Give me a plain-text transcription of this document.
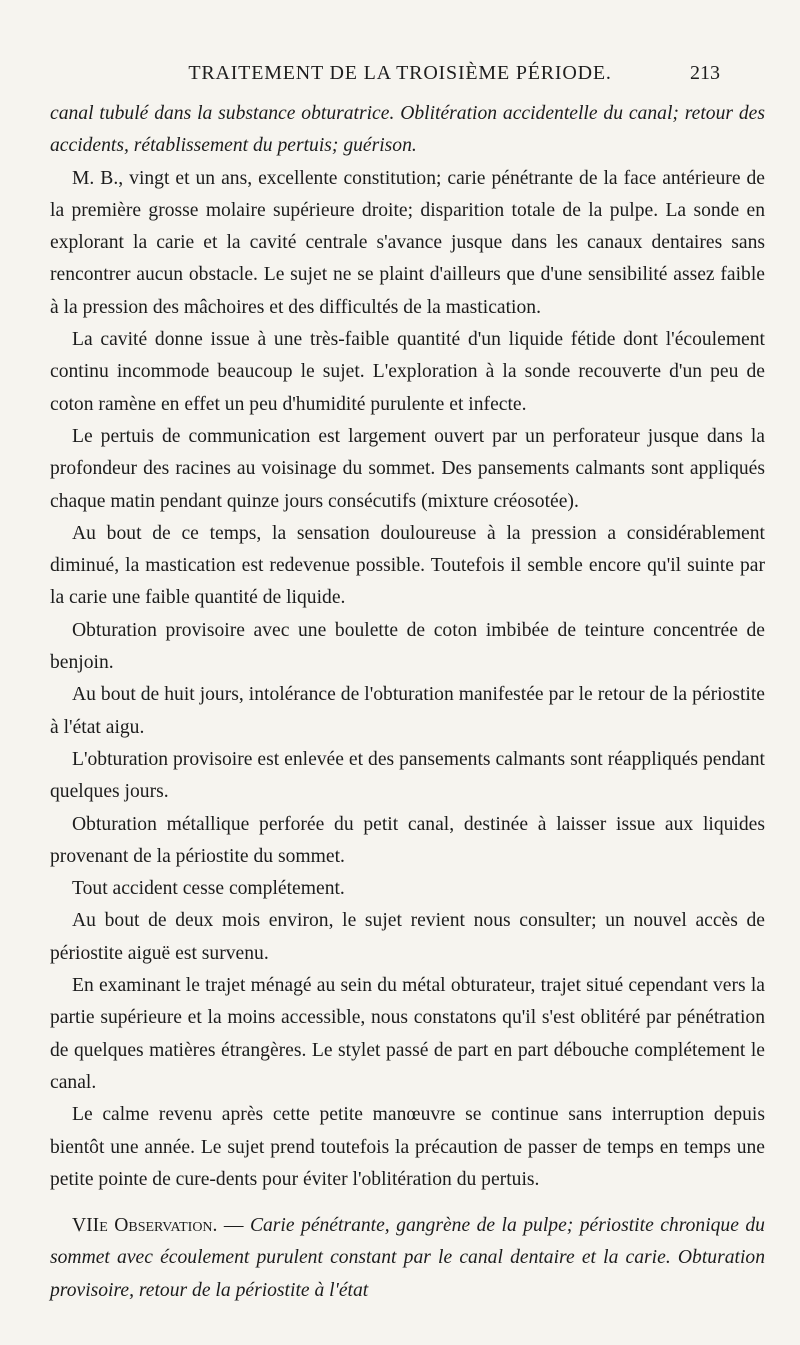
TRAITEMENT DE LA TROISIÈME PÉRIODE.	213

canal tubulé dans la substance obturatrice. Oblitération accidentelle du canal; retour des accidents, rétablissement du pertuis; guérison.

M. B., vingt et un ans, excellente constitution; carie pénétrante de la face antérieure de la première grosse molaire supérieure droite; disparition totale de la pulpe. La sonde en explorant la carie et la cavité centrale s'avance jusque dans les canaux dentaires sans rencontrer aucun obstacle. Le sujet ne se plaint d'ailleurs que d'une sensibilité assez faible à la pression des mâchoires et des difficultés de la mastication.

La cavité donne issue à une très-faible quantité d'un liquide fétide dont l'écoulement continu incommode beaucoup le sujet. L'exploration à la sonde recouverte d'un peu de coton ramène en effet un peu d'humidité purulente et infecte.

Le pertuis de communication est largement ouvert par un perforateur jusque dans la profondeur des racines au voisinage du sommet. Des pansements calmants sont appliqués chaque matin pendant quinze jours consécutifs (mixture créosotée).

Au bout de ce temps, la sensation douloureuse à la pression a considérablement diminué, la mastication est redevenue possible. Toutefois il semble encore qu'il suinte par la carie une faible quantité de liquide.

Obturation provisoire avec une boulette de coton imbibée de teinture concentrée de benjoin.

Au bout de huit jours, intolérance de l'obturation manifestée par le retour de la périostite à l'état aigu.

L'obturation provisoire est enlevée et des pansements calmants sont réappliqués pendant quelques jours.

Obturation métallique perforée du petit canal, destinée à laisser issue aux liquides provenant de la périostite du sommet.

Tout accident cesse complétement.

Au bout de deux mois environ, le sujet revient nous consulter; un nouvel accès de périostite aiguë est survenu.

En examinant le trajet ménagé au sein du métal obturateur, trajet situé cependant vers la partie supérieure et la moins accessible, nous constatons qu'il s'est oblitéré par pénétration de quelques matières étrangères. Le stylet passé de part en part débouche complétement le canal.

Le calme revenu après cette petite manœuvre se continue sans interruption depuis bientôt une année. Le sujet prend toutefois la précaution de passer de temps en temps une petite pointe de cure-dents pour éviter l'oblitération du pertuis.

VIIe Observation. — Carie pénétrante, gangrène de la pulpe; périostite chronique du sommet avec écoulement purulent constant par le canal dentaire et la carie. Obturation provisoire, retour de la périostite à l'état
